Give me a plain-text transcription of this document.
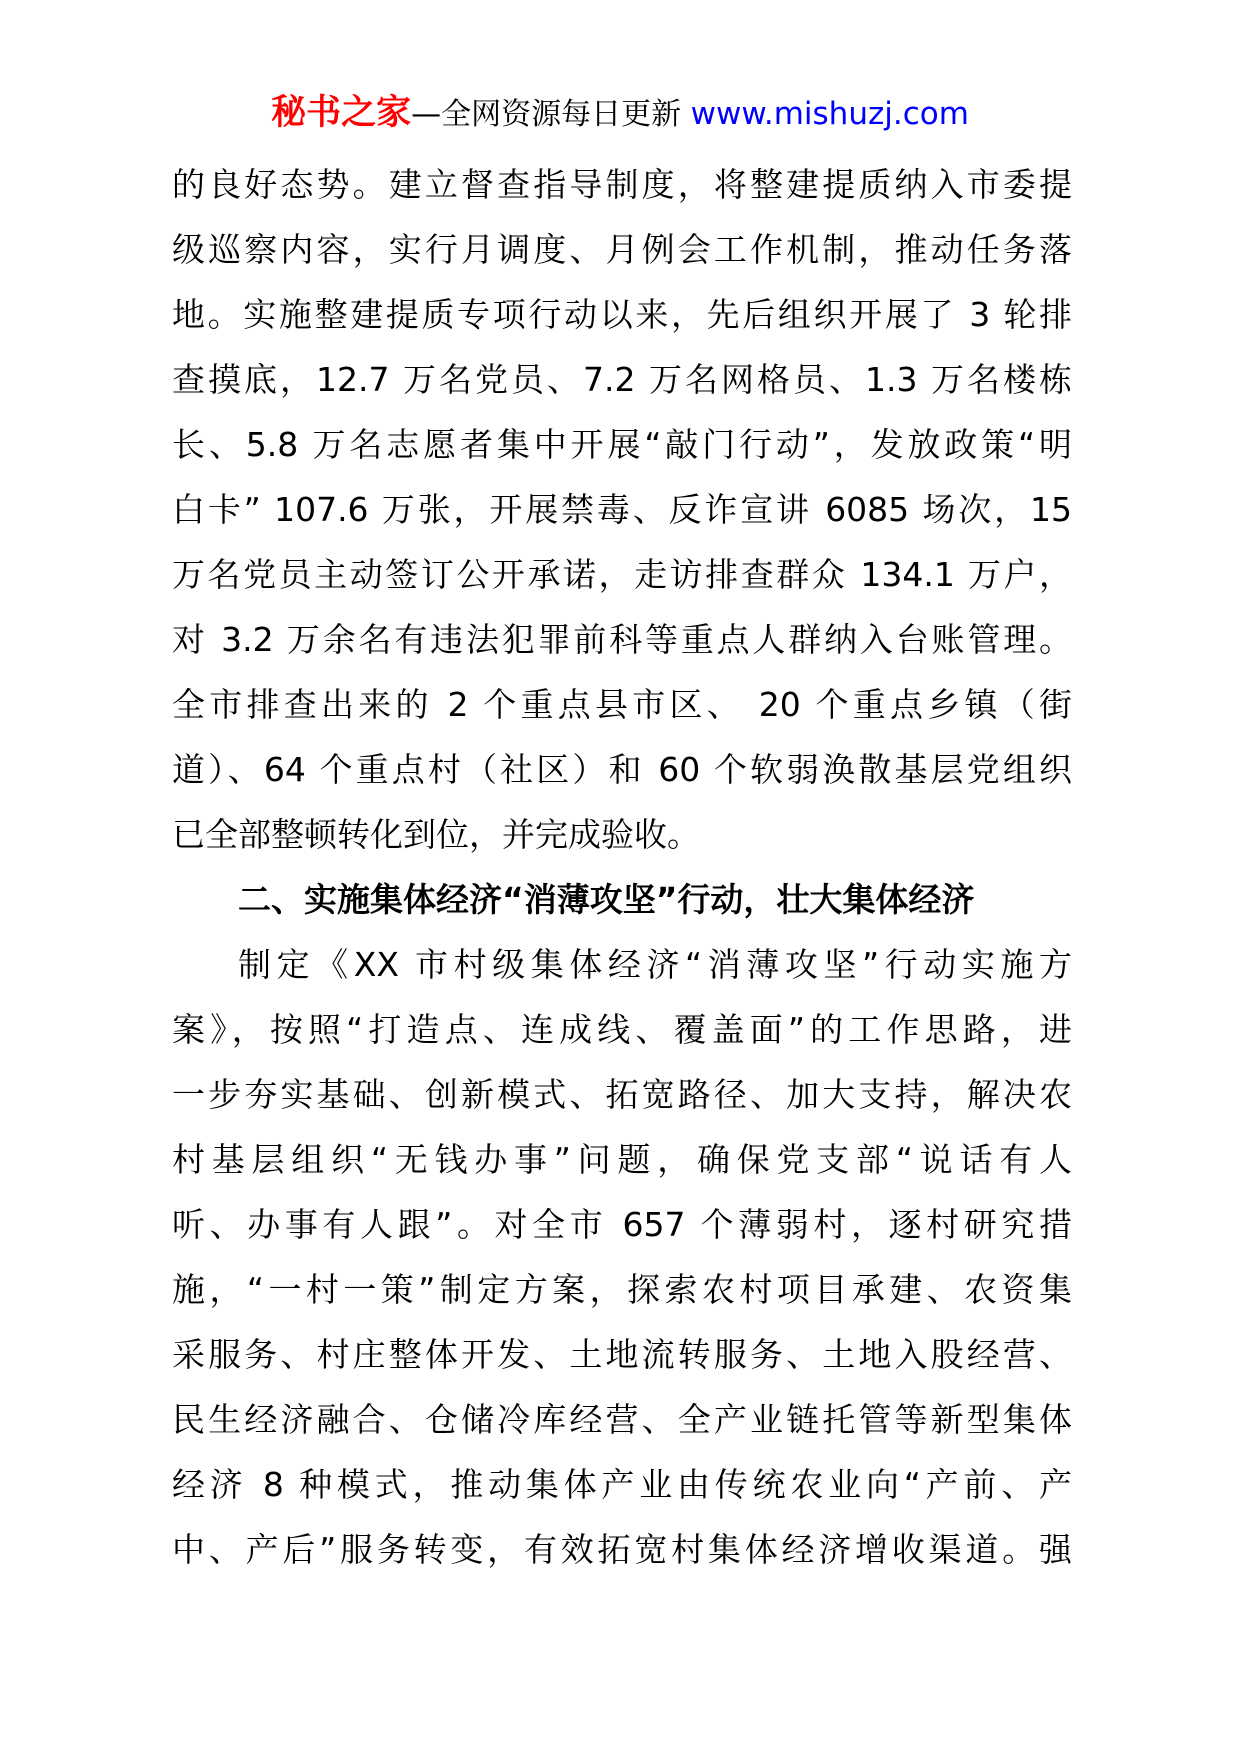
秘书之家—全网资源每日更新 www.mishuzj.com
的良好态势。建立督查指导制度，将整建提质纳入市委提
级巡察内容，实行月调度、月例会工作机制，推动任务落
地。实施整建提质专项行动以来，先后组织开展了 3 轮排
查摸底，12.7 万名党员、7.2 万名网格员、1.3 万名楼栋
长、5.8 万名志愿者集中开展“敲门行动”，发放政策“明
白卡” 107.6 万张，开展禁毒、反诈宣讲 6085 场次，15
万名党员主动签订公开承诺，走访排查群众 134.1 万户，
对 3.2 万余名有违法犯罪前科等重点人群纳入台账管理。
全市排查出来的 2 个重点县市区、 20 个重点乡镇（街
道）、64 个重点村（社区）和 60 个软弱涣散基层党组织
已全部整顿转化到位，并完成验收。
二、实施集体经济“消薄攻坚”行动，壮大集体经济
制定《XX 市村级集体经济“消薄攻坚”行动实施方
案》，按照“打造点、连成线、覆盖面”的工作思路，进
一步夯实基础、创新模式、拓宽路径、加大支持，解决农
村基层组织“无钱办事”问题，确保党支部“说话有人
听、办事有人跟”。对全市 657 个薄弱村，逐村研究措
施，“一村一策”制定方案，探索农村项目承建、农资集
采服务、村庄整体开发、土地流转服务、土地入股经营、
民生经济融合、仓储冷库经营、全产业链托管等新型集体
经济 8 种模式，推动集体产业由传统农业向“产前、产
中、产后”服务转变，有效拓宽村集体经济增收渠道。强
